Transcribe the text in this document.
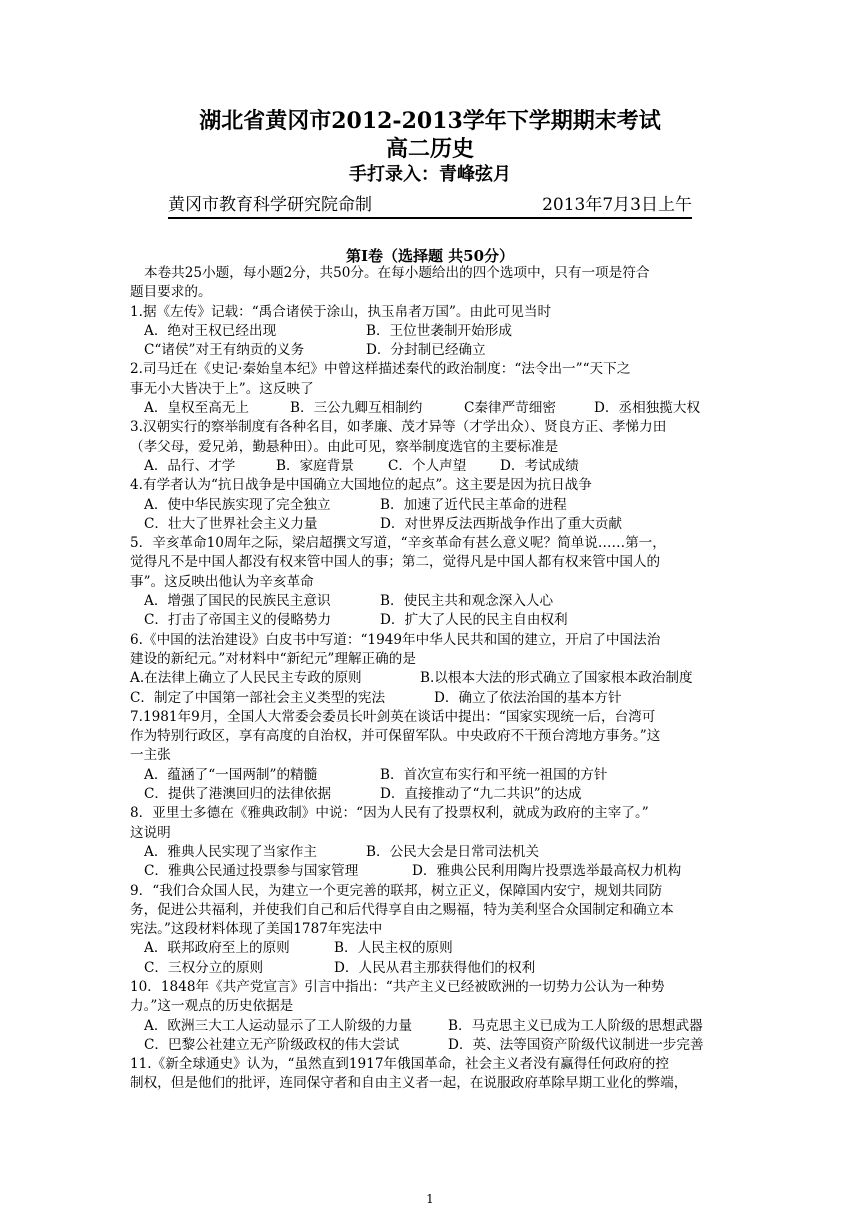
湖北省黄冈市2012-2013学年下学期期末考试
高二历史
手打录入：青峰弦月
黄冈市教育科学研究院命制	2013年7月3日上午
第Ⅰ卷（选择题 共50分）

本卷共25小题，每小题2分，共50分。在每小题给出的四个选项中，只有一项是符合

题目要求的。

1.据《左传》记载：“禹合诸侯于涂山，执玉帛者万国”。由此可见当时

A．绝对王权已经出现	B．王位世袭制开始形成

C“诸侯”对王有纳贡的义务	D．分封制已经确立

2.司马迁在《史记·秦始皇本纪》中曾这样描述秦代的政治制度：“法令出一”“天下之

事无小大皆决于上”。这反映了

A．皇权至高无上	B．三公九卿互相制约	C秦律严苛细密	D．丞相独揽大权

3.汉朝实行的察举制度有各种名目，如孝廉、茂才异等（才学出众）、贤良方正、孝悌力田

（孝父母，爱兄弟，勤悬种田）。由此可见，察举制度选官的主要标准是

A．品行、才学	B．家庭背景	C．个人声望	D．考试成绩

4.有学者认为“抗日战争是中国确立大国地位的起点”。这主要是因为抗日战争

A．使中华民族实现了完全独立	B．加速了近代民主革命的进程

C．壮大了世界社会主义力量	D．对世界反法西斯战争作出了重大贡献

5．辛亥革命10周年之际，梁启超撰文写道，“辛亥革命有甚么意义呢？简单说……第一，

觉得凡不是中国人都没有权来管中国人的事；第二，觉得凡是中国人都有权来管中国人的

事”。这反映出他认为辛亥革命

A．增强了国民的民族民主意识	B．使民主共和观念深入人心

C．打击了帝国主义的侵略势力	D．扩大了人民的民主自由权利

6.《中国的法治建设》白皮书中写道：“1949年中华人民共和国的建立，开启了中国法治

建设的新纪元。”对材料中“新纪元”理解正确的是

A.在法律上确立了人民民主专政的原则	B.以根本大法的形式确立了国家根本政治制度

C．制定了中国第一部社会主义类型的宪法	D．确立了依法治国的基本方针

7.1981年9月，全国人大常委会委员长叶剑英在谈话中提出：“国家实现统一后，台湾可

作为特别行政区，享有高度的自治权，并可保留军队。中央政府不干预台湾地方事务。”这

一主张

A．蕴涵了“一国两制”的精髓	B．首次宣布实行和平统一祖国的方针

C．提供了港澳回归的法律依据	D．直接推动了“九二共识”的达成

8．亚里士多德在《雅典政制》中说：“因为人民有了投票权利，就成为政府的主宰了。”

这说明

A．雅典人民实现了当家作主	B．公民大会是日常司法机关

C．雅典公民通过投票参与国家管理	D．雅典公民利用陶片投票选举最高权力机构

9．“我们合众国人民，为建立一个更完善的联邦，树立正义，保障国内安宁，规划共同防

务，促进公共福利，并使我们自己和后代得享自由之赐福，特为美利坚合众国制定和确立本

宪法。”这段材料体现了美国1787年宪法中

A．联邦政府至上的原则	B．人民主权的原则

C．三权分立的原则	D．人民从君主那获得他们的权利

10．1848年《共产党宣言》引言中指出：“共产主义已经被欧洲的一切势力公认为一种势

力。”这一观点的历史依据是

A．欧洲三大工人运动显示了工人阶级的力量	B．马克思主义已成为工人阶级的思想武器

C．巴黎公社建立无产阶级政权的伟大尝试	D．英、法等国资产阶级代议制进一步完善

11.《新全球通史》认为，“虽然直到1917年俄国革命，社会主义者没有赢得任何政府的控

制权，但是他们的批评，连同保守者和自由主义者一起，在说服政府革除早期工业化的弊端，

1
